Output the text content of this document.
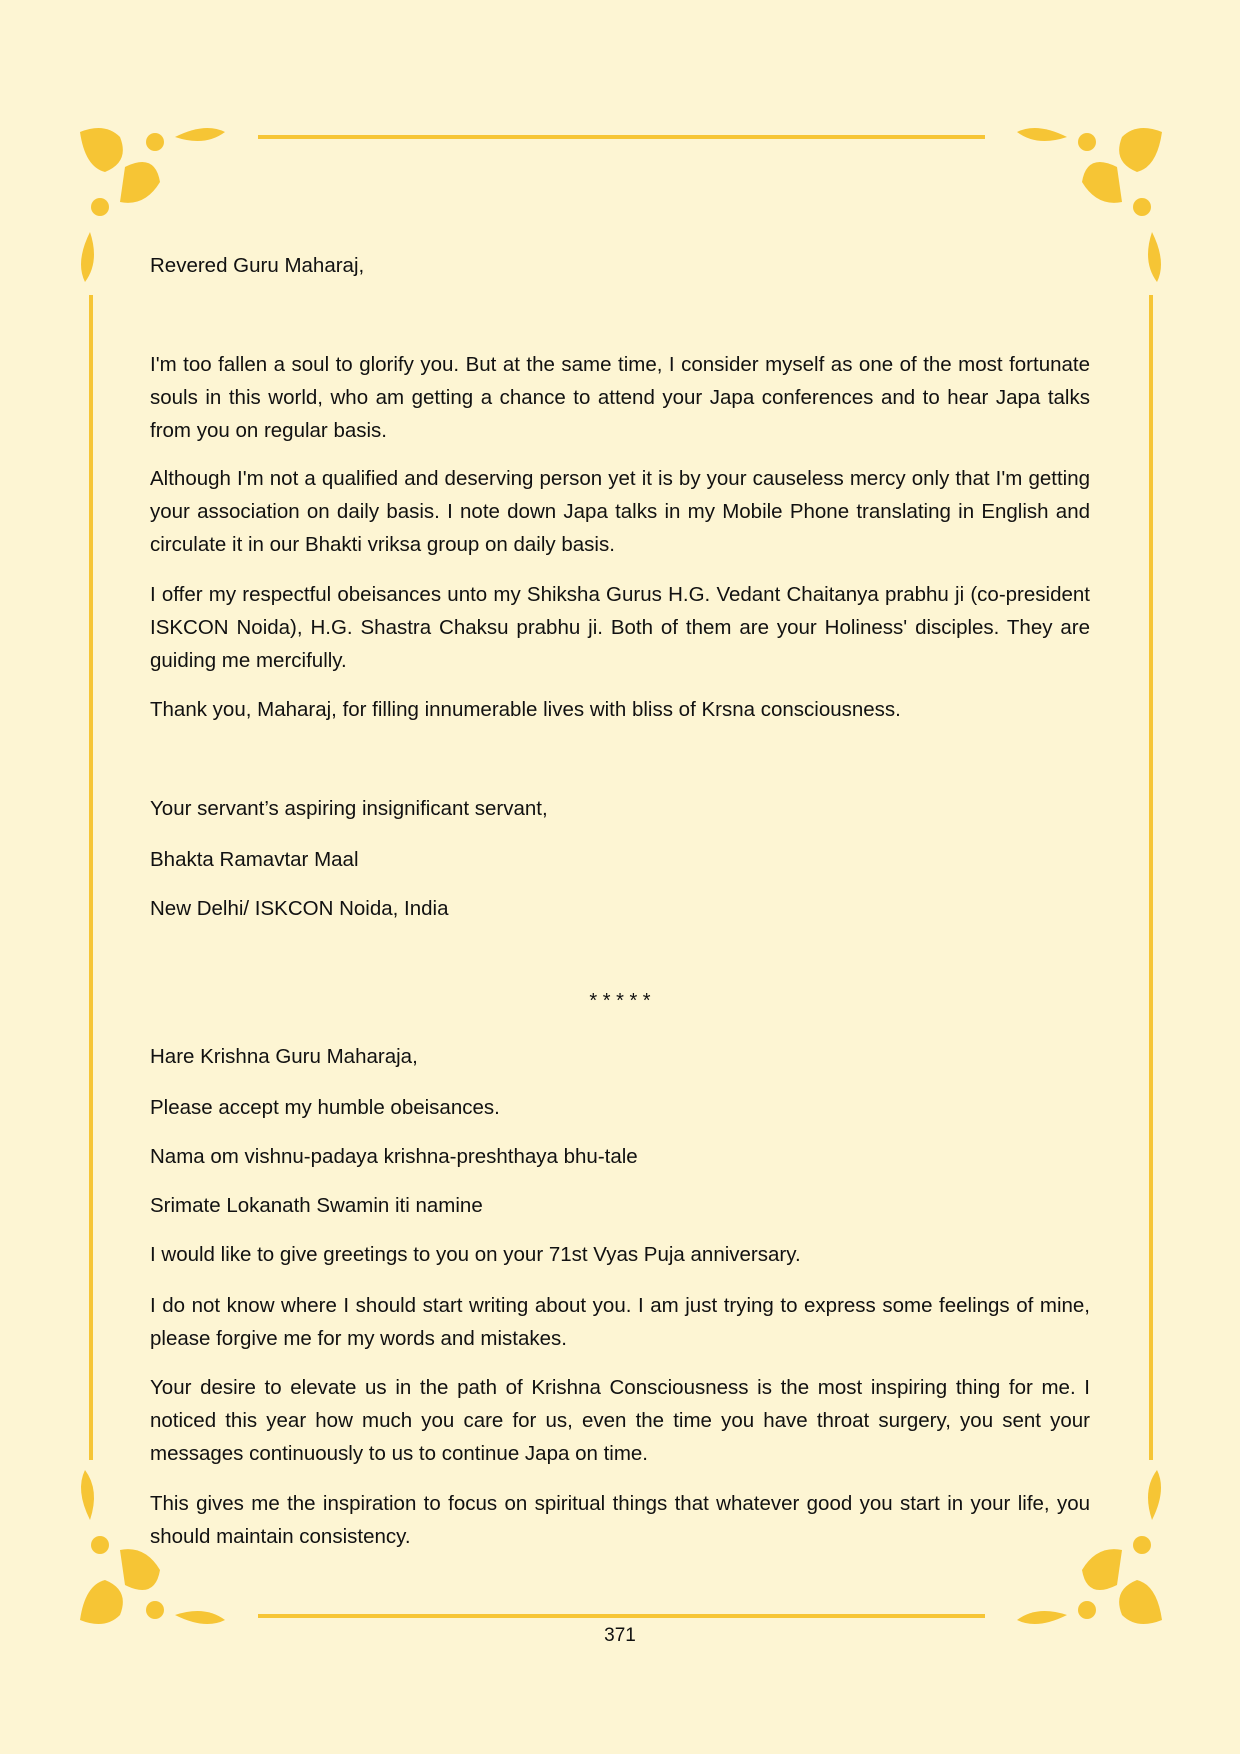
Revered Guru Maharaj,

I'm too fallen a soul to glorify you. But at the same time, I consider myself as one of the most fortunate souls in this world, who am getting a chance to attend your Japa conferences and to hear Japa talks from you on regular basis.

Although I'm not a qualified and deserving person yet it is by your causeless mercy only that I'm getting your association on daily basis. I note down Japa talks in my Mobile Phone translating in English and circulate it in our Bhakti vriksa group on daily basis.

I offer my respectful obeisances unto my Shiksha Gurus H.G. Vedant Chaitanya prabhu ji (co-president ISKCON Noida), H.G. Shastra Chaksu prabhu ji. Both of them are your Holiness' disciples. They are guiding me mercifully.

Thank you, Maharaj, for filling innumerable lives with bliss of Krsna consciousness.

Your servant’s aspiring insignificant servant,

Bhakta Ramavtar Maal

New Delhi/ ISKCON Noida, India

* * * * *

Hare Krishna Guru Maharaja,

Please accept my humble obeisances.

Nama om vishnu-padaya krishna-preshthaya bhu-tale

Srimate Lokanath Swamin iti namine

I would like to give greetings to you on your 71st Vyas Puja anniversary.

I do not know where I should start writing about you. I am just trying to express some feelings of mine, please forgive me for my words and mistakes.

Your desire to elevate us in the path of Krishna Consciousness is the most inspiring thing for me. I noticed this year how much you care for us, even the time you have throat surgery, you sent your messages continuously to us to continue Japa on time.

This gives me the inspiration to focus on spiritual things that whatever good you start in your life, you should maintain consistency.

371
